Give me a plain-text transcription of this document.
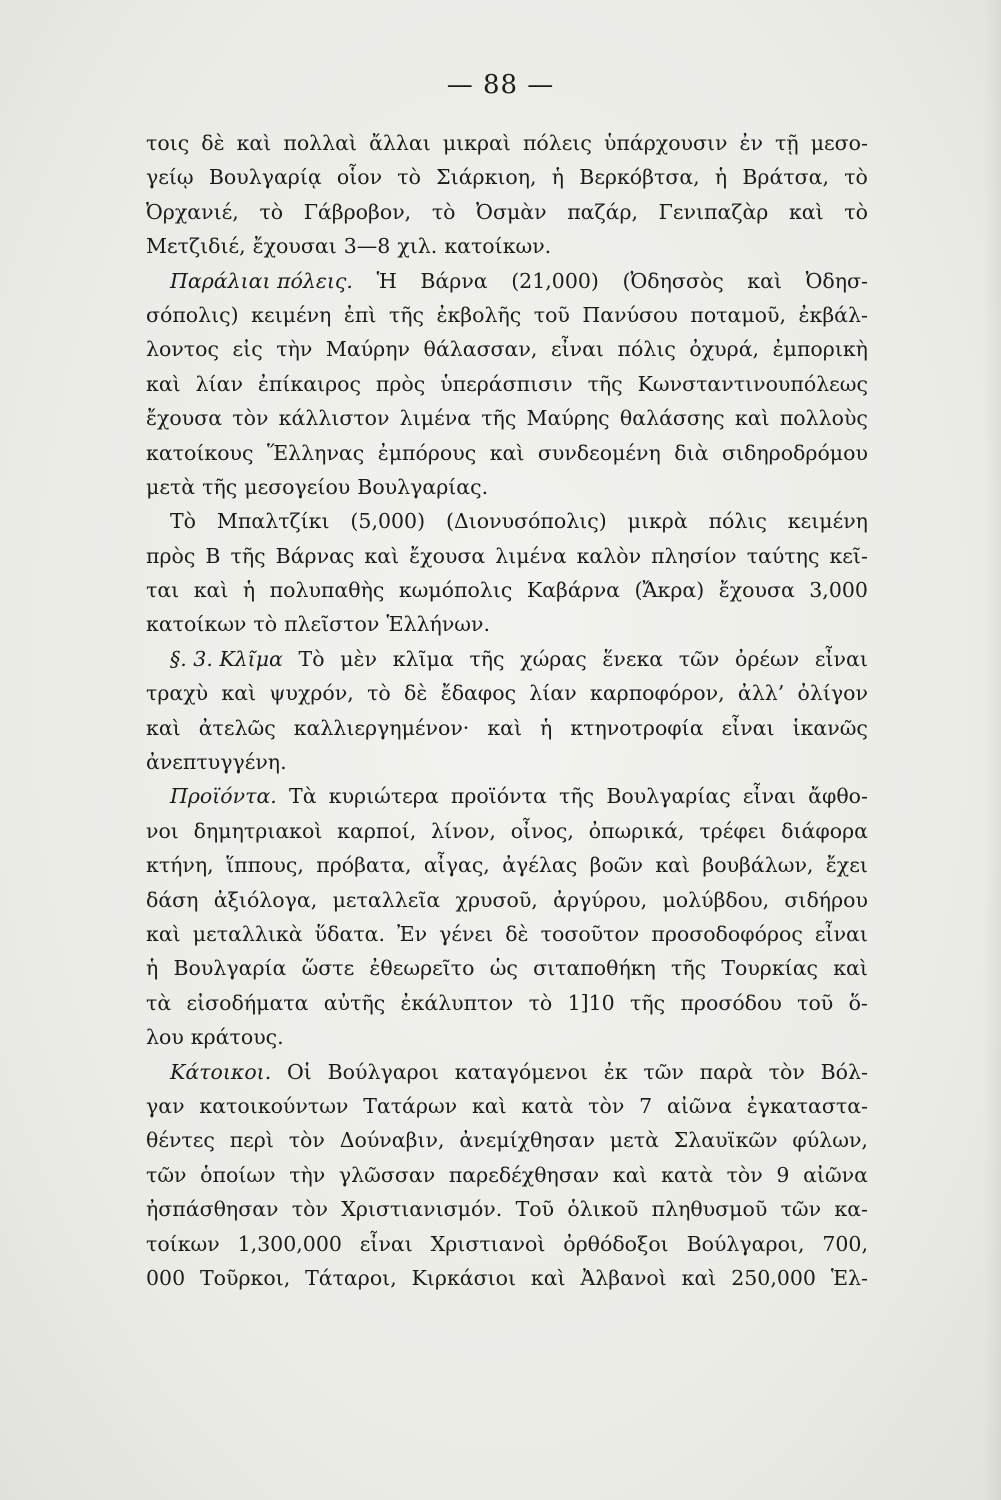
— 88 —
τοις δὲ καὶ πολλαὶ ἄλλαι μικραὶ πόλεις ὑπάρχουσιν ἐν τῇ μεσο-
γείῳ Βουλγαρίᾳ οἷον τὸ Σιάρκιοη, ἡ Βερκόβτσα, ἡ Βράτσα, τὸ
Ὀρχανιέ, τὸ Γάβροβον, τὸ Ὀσμὰν παζάρ, Γενιπαζὰρ καὶ τὸ
Μετζιδιέ, ἔχουσαι 3—8 χιλ. κατοίκων.
Παράλιαι πόλεις. Ἡ Βάρνα (21,000) (Ὀδησσὸς καὶ Ὀδησ-
σόπολις) κειμένη ἐπὶ τῆς ἐκβολῆς τοῦ Πανύσου ποταμοῦ, ἐκβάλ-
λοντος εἰς τὴν Μαύρην θάλασσαν, εἶναι πόλις ὀχυρά, ἐμπορικὴ
καὶ λίαν ἐπίκαιρος πρὸς ὑπεράσπισιν τῆς Κωνσταντινουπόλεως
ἔχουσα τὸν κάλλιστον λιμένα τῆς Μαύρης θαλάσσης καὶ πολλοὺς
κατοίκους Ἕλληνας ἐμπόρους καὶ συνδεομένη διὰ σιδηροδρόμου
μετὰ τῆς μεσογείου Βουλγαρίας.
Τὸ Μπαλτζίκι (5,000) (Διονυσόπολις) μικρὰ πόλις κειμένη
πρὸς Β τῆς Βάρνας καὶ ἔχουσα λιμένα καλὸν πλησίον ταύτης κεῖ-
ται καὶ ἡ πολυπαθὴς κωμόπολις Καβάρνα (Ἄκρα) ἔχουσα 3,000
κατοίκων τὸ πλεῖστον Ἑλλήνων.
§. 3. Κλῖμα Τὸ μὲν κλῖμα τῆς χώρας ἕνεκα τῶν ὀρέων εἶναι
τραχὺ καὶ ψυχρόν, τὸ δὲ ἔδαφος λίαν καρποφόρον, ἀλλ’ ὀλίγον
καὶ ἀτελῶς καλλιεργημένον· καὶ ἡ κτηνοτροφία εἶναι ἱκανῶς
ἀνεπτυγγένη.
Προϊόντα. Τὰ κυριώτερα προϊόντα τῆς Βουλγαρίας εἶναι ἄφθο-
νοι δημητριακοὶ καρποί, λίνον, οἶνος, ὀπωρικά, τρέφει διάφορα
κτήνη, ἵππους, πρόβατα, αἶγας, ἀγέλας βοῶν καὶ βουβάλων, ἔχει
δάση ἀξιόλογα, μεταλλεῖα χρυσοῦ, ἀργύρου, μολύβδου, σιδήρου
καὶ μεταλλικὰ ὕδατα. Ἐν γένει δὲ τοσοῦτον προσοδοφόρος εἶναι
ἡ Βουλγαρία ὥστε ἐθεωρεῖτο ὡς σιταποθήκη τῆς Τουρκίας καὶ
τὰ εἰσοδήματα αὐτῆς ἐκάλυπτον τὸ 1]10 τῆς προσόδου τοῦ ὅ-
λου κράτους.
Κάτοικοι. Οἱ Βούλγαροι καταγόμενοι ἐκ τῶν παρὰ τὸν Βόλ-
γαν κατοικούντων Τατάρων καὶ κατὰ τὸν 7 αἰῶνα ἐγκαταστα-
θέντες περὶ τὸν Δούναβιν, ἀνεμίχθησαν μετὰ Σλαυϊκῶν φύλων,
τῶν ὁποίων τὴν γλῶσσαν παρεδέχθησαν καὶ κατὰ τὸν 9 αἰῶνα
ἠσπάσθησαν τὸν Χριστιανισμόν. Τοῦ ὁλικοῦ πληθυσμοῦ τῶν κα-
τοίκων 1,300,000 εἶναι Χριστιανοὶ ὀρθόδοξοι Βούλγαροι, 700,
000 Τοῦρκοι, Τάταροι, Κιρκάσιοι καὶ Ἀλβανοὶ καὶ 250,000 Ἑλ-
